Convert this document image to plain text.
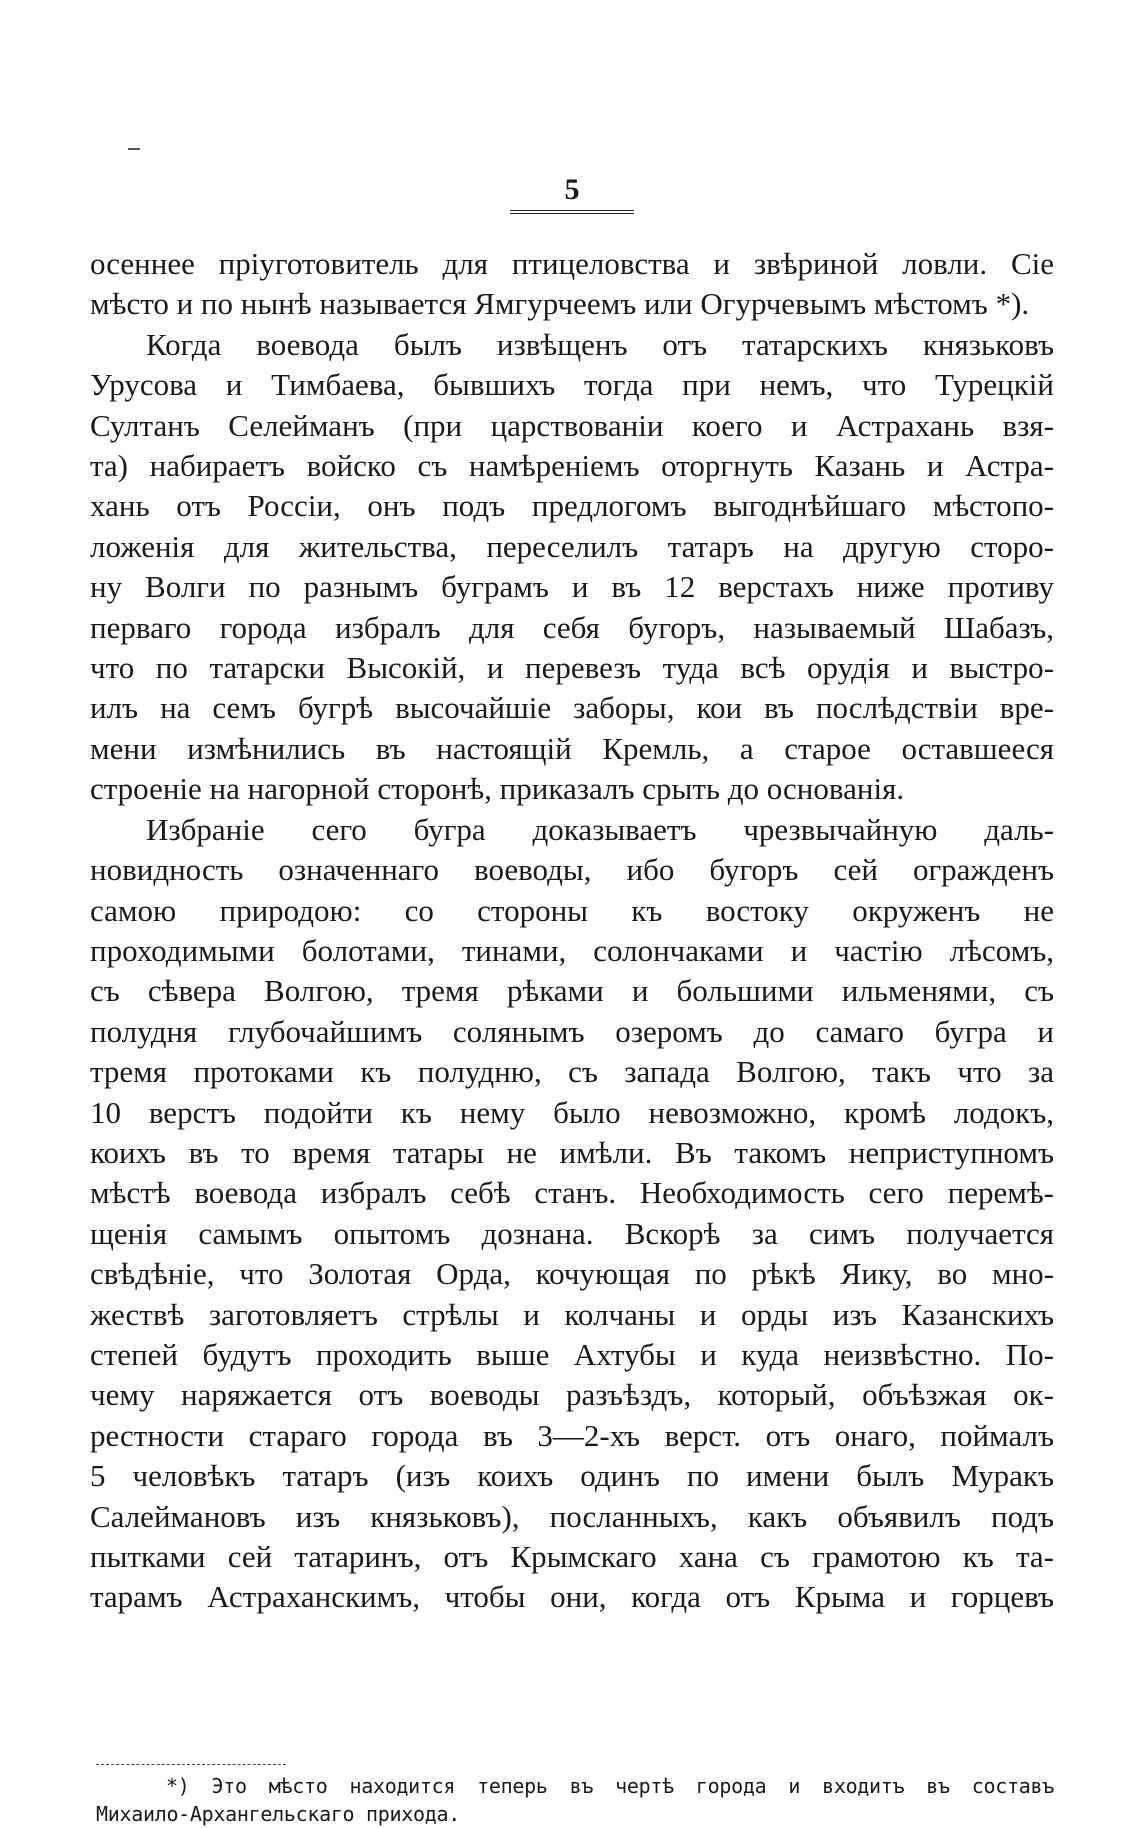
5
осеннее пріуготовитель для птицеловства и звѣриной ловли. Сіе
мѣсто и по нынѣ называется Ямгурчеемъ или Огурчевымъ мѣстомъ *).
Когда воевода былъ извѣщенъ отъ татарскихъ князьковъ
Урусова и Тимбаева, бывшихъ тогда при немъ, что Турецкій
Султанъ Селейманъ (при царствованіи коего и Астрахань взя-
та) набираетъ войско съ намѣреніемъ оторгнуть Казань и Астра-
хань отъ Россіи, онъ подъ предлогомъ выгоднѣйшаго мѣстопо-
ложенія для жительства, переселилъ татаръ на другую сторо-
ну Волги по разнымъ буграмъ и въ 12 верстахъ ниже противу
перваго города избралъ для себя бугоръ, называемый Шабазъ,
что по татарски Высокій, и перевезъ туда всѣ орудія и выстро-
илъ на семъ бугрѣ высочайшіе заборы, кои въ послѣдствіи вре-
мени измѣнились въ настоящій Кремль, а старое оставшееся
строеніе на нагорной сторонѣ, приказалъ срыть до основанія.
Избраніе сего бугра доказываетъ чрезвычайную даль-
новидность означеннаго воеводы, ибо бугоръ сей огражденъ
самою природою: со стороны къ востоку окруженъ не
проходимыми болотами, тинами, солончаками и частію лѣсомъ,
съ сѣвера Волгою, тремя рѣками и большими ильменями, съ
полудня глубочайшимъ солянымъ озеромъ до самаго бугра и
тремя протоками къ полудню, съ запада Волгою, такъ что за
10 верстъ подойти къ нему было невозможно, кромѣ лодокъ,
коихъ въ то время татары не имѣли. Въ такомъ неприступномъ
мѣстѣ воевода избралъ себѣ станъ. Необходимость сего перемѣ-
щенія самымъ опытомъ дознана. Вскорѣ за симъ получается
свѣдѣніе, что Золотая Орда, кочующая по рѣкѣ Яику, во мно-
жествѣ заготовляетъ стрѣлы и колчаны и орды изъ Казанскихъ
степей будутъ проходить выше Ахтубы и куда неизвѣстно. По-
чему наряжается отъ воеводы разъѣздъ, который, объѣзжая ок-
рестности стараго города въ 3—2-хъ верст. отъ онаго, поймалъ
5 человѣкъ татаръ (изъ коихъ одинъ по имени былъ Муракъ
Салеймановъ изъ князьковъ), посланныхъ, какъ объявилъ подъ
пытками сей татаринъ, отъ Крымскаго хана съ грамотою къ та-
тарамъ Астраханскимъ, чтобы они, когда отъ Крыма и горцевъ
*) Это мѣсто находится теперь въ чертѣ города и входитъ въ составъ
Михаило-Архангельскаго прихода.
